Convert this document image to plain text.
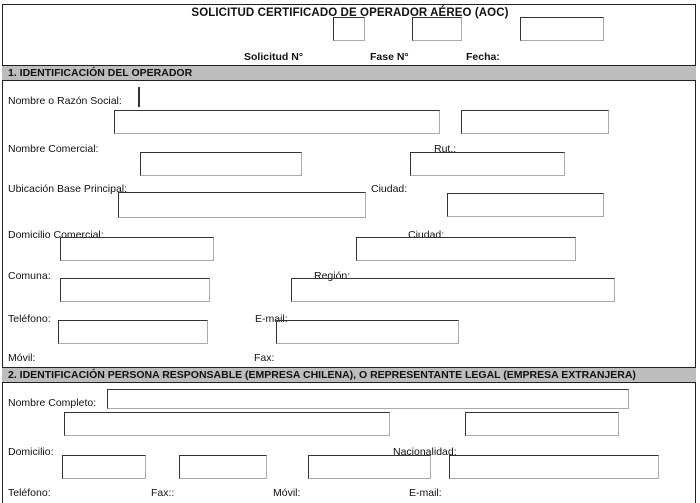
SOLICITUD CERTIFICADO DE OPERADOR AÉREO (AOC)
Solicitud N°	Fase N°	Fecha:
1. IDENTIFICACIÓN DEL OPERADOR
Nombre o Razón Social:
Nombre Comercial:	Rut.:
Ubicación Base Principal:	Ciudad:
Domicilio Comercial:	Ciudad:
Comuna:	Región:
Teléfono:	E-mail:
Móvil:	Fax:
2. IDENTIFICACIÓN PERSONA RESPONSABLE (EMPRESA CHILENA), O REPRESENTANTE LEGAL (EMPRESA EXTRANJERA)
Nombre Completo:
Domicilio:	Nacionalidad:
Teléfono:	Fax::	Móvil:	E-mail:
